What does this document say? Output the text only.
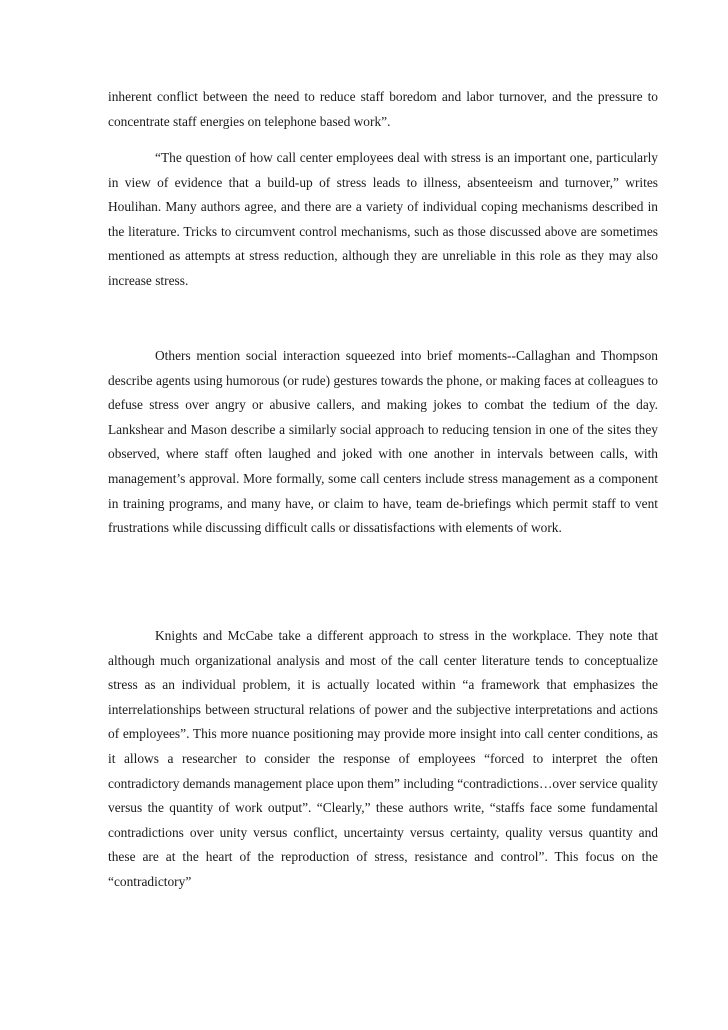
inherent conflict between the need to reduce staff boredom and labor turnover, and the pressure to concentrate staff energies on telephone based work”.

“The question of how call center employees deal with stress is an important one, particularly in view of evidence that a build-up of stress leads to illness, absenteeism and turnover,” writes Houlihan. Many authors agree, and there are a variety of individual coping mechanisms described in the literature. Tricks to circumvent control mechanisms, such as those discussed above are sometimes mentioned as attempts at stress reduction, although they are unreliable in this role as they may also increase stress.

Others mention social interaction squeezed into brief moments--Callaghan and Thompson describe agents using humorous (or rude) gestures towards the phone, or making faces at colleagues to defuse stress over angry or abusive callers, and making jokes to combat the tedium of the day. Lankshear and Mason describe a similarly social approach to reducing tension in one of the sites they observed, where staff often laughed and joked with one another in intervals between calls, with management’s approval. More formally, some call centers include stress management as a component in training programs, and many have, or claim to have, team de-briefings which permit staff to vent frustrations while discussing difficult calls or dissatisfactions with elements of work.

Knights and McCabe take a different approach to stress in the workplace. They note that although much organizational analysis and most of the call center literature tends to conceptualize stress as an individual problem, it is actually located within “a framework that emphasizes the interrelationships between structural relations of power and the subjective interpretations and actions of employees”. This more nuance positioning may provide more insight into call center conditions, as it allows a researcher to consider the response of employees “forced to interpret the often contradictory demands management place upon them” including “contradictions…over service quality versus the quantity of work output”. “Clearly,” these authors write, “staffs face some fundamental contradictions over unity versus conflict, uncertainty versus certainty, quality versus quantity and these are at the heart of the reproduction of stress, resistance and control”. This focus on the “contradictory”
